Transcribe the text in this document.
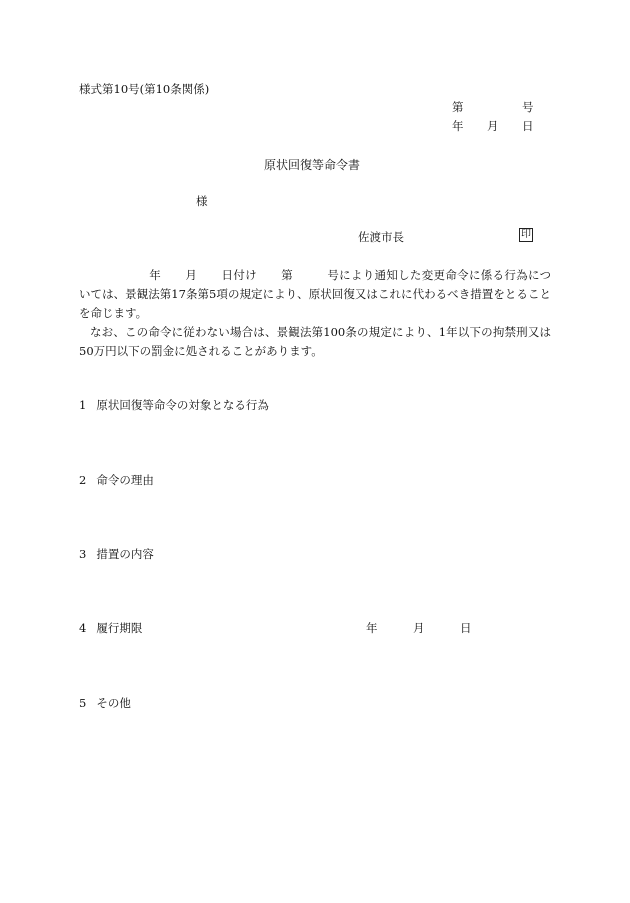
様式第10号(第10条関係)
第	号
年 月 日
原状回復等命令書
様
佐渡市長	印
年 月 日付け 第	号により通知した変更命令に係る行為については、景観法第17条第5項の規定により、原状回復又はこれに代わるべき措置をとることを命じます。
なお、この命令に従わない場合は、景観法第100条の規定により、1年以下の拘禁刑又は50万円以下の罰金に処されることがあります。
1 原状回復等命令の対象となる行為
2 命令の理由
3 措置の内容
4 履行期限	年	月	日
5 その他
